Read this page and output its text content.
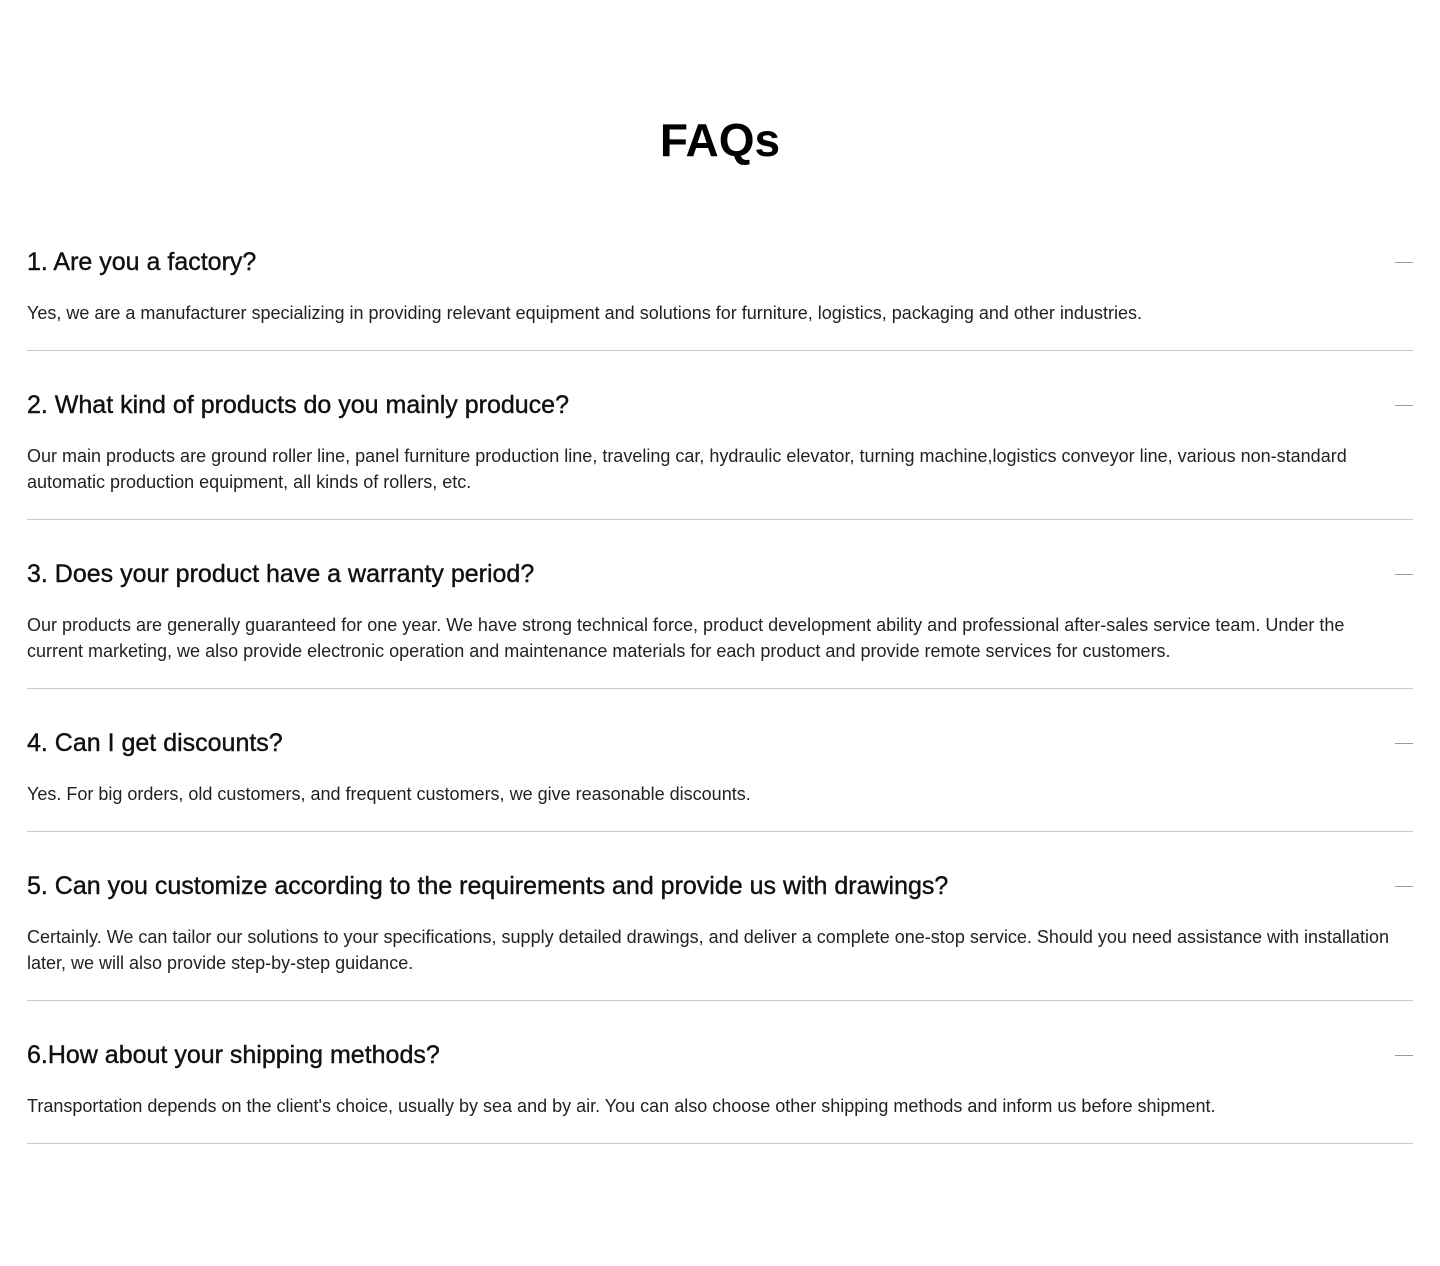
FAQs
1. Are you a factory?

Yes, we are a manufacturer specializing in providing relevant equipment and solutions for furniture, logistics, packaging and other industries.

2. What kind of products do you mainly produce?

Our main products are ground roller line, panel furniture production line, traveling car, hydraulic elevator, turning machine,logistics conveyor line, various non-standard automatic production equipment, all kinds of rollers, etc.

3. Does your product have a warranty period?

Our products are generally guaranteed for one year. We have strong technical force, product development ability and professional after-sales service team. Under the current marketing, we also provide electronic operation and maintenance materials for each product and provide remote services for customers.

4. Can I get discounts?

Yes. For big orders, old customers, and frequent customers, we give reasonable discounts.

5. Can you customize according to the requirements and provide us with drawings?

Certainly. We can tailor our solutions to your specifications, supply detailed drawings, and deliver a complete one-stop service. Should you need assistance with installation later, we will also provide step-by-step guidance.

6.How about your shipping methods?

Transportation depends on the client's choice, usually by sea and by air. You can also choose other shipping methods and inform us before shipment.
